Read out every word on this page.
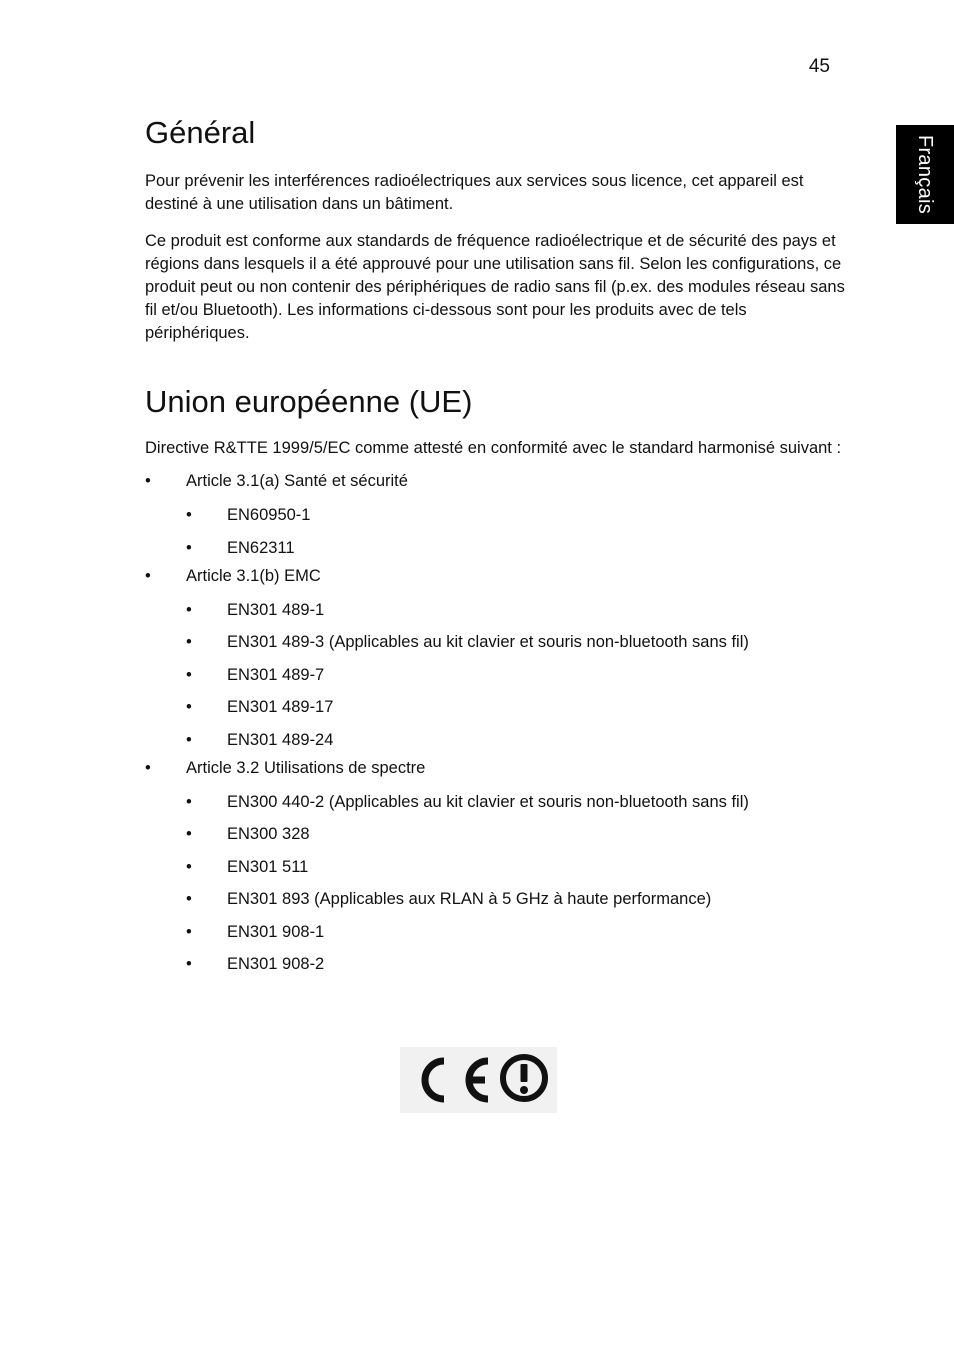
45
Français
Général

Pour prévenir les interférences radioélectriques aux services sous licence, cet appareil est destiné à une utilisation dans un bâtiment.

Ce produit est conforme aux standards de fréquence radioélectrique et de sécurité des pays et régions dans lesquels il a été approuvé pour une utilisation sans fil. Selon les configurations, ce produit peut ou non contenir des périphériques de radio sans fil (p.ex. des modules réseau sans fil et/ou Bluetooth). Les informations ci-dessous sont pour les produits avec de tels périphériques.

Union européenne (UE)

Directive R&TTE 1999/5/EC comme attesté en conformité avec le standard harmonisé suivant :

• Article 3.1(a) Santé et sécurité
• EN60950-1
• EN62311
• Article 3.1(b) EMC
• EN301 489-1
• EN301 489-3 (Applicables au kit clavier et souris non-bluetooth sans fil)
• EN301 489-7
• EN301 489-17
• EN301 489-24
• Article 3.2 Utilisations de spectre
• EN300 440-2 (Applicables au kit clavier et souris non-bluetooth sans fil)
• EN300 328
• EN301 511
• EN301 893 (Applicables aux RLAN à 5 GHz à haute performance)
• EN301 908-1
• EN301 908-2
